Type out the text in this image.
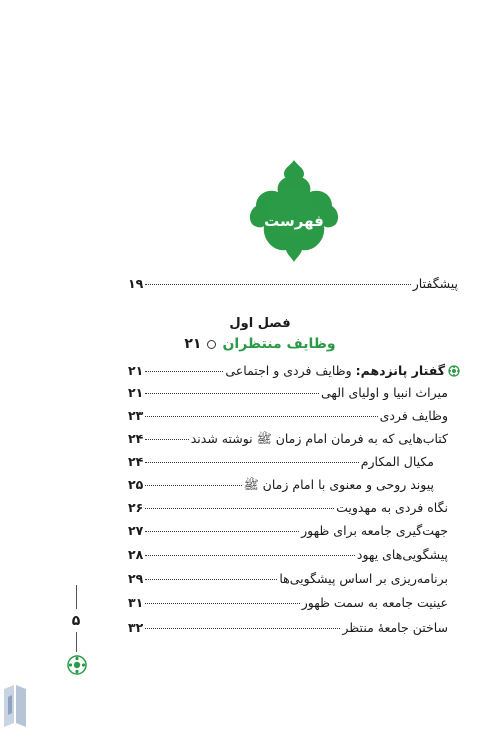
فهرست
پیشگفتار
۱۹
فصل اول
وظایف منتظران
۲۱
گفتار پانزدهم: وظایف فردی و اجتماعی
۲۱
میراث انبیا و اولیای الهی
۲۱
وظایف فردی
۲۳
کتاب‌هایی که به فرمان امام زمان ﷺ نوشته شدند
۲۴
مکیال المکارم
۲۴
پیوند روحی و معنوی با امام زمان ﷺ
۲۵
نگاه فردی به مهدویت
۲۶
جهت‌گیری جامعه برای ظهور
۲۷
پیشگویی‌های یهود
۲۸
برنامه‌ریزی بر اساس پیشگویی‌ها
۲۹
عینیت جامعه به سمت ظهور
۳۱
ساختن جامعهٔ منتظر
۳۲
۵
